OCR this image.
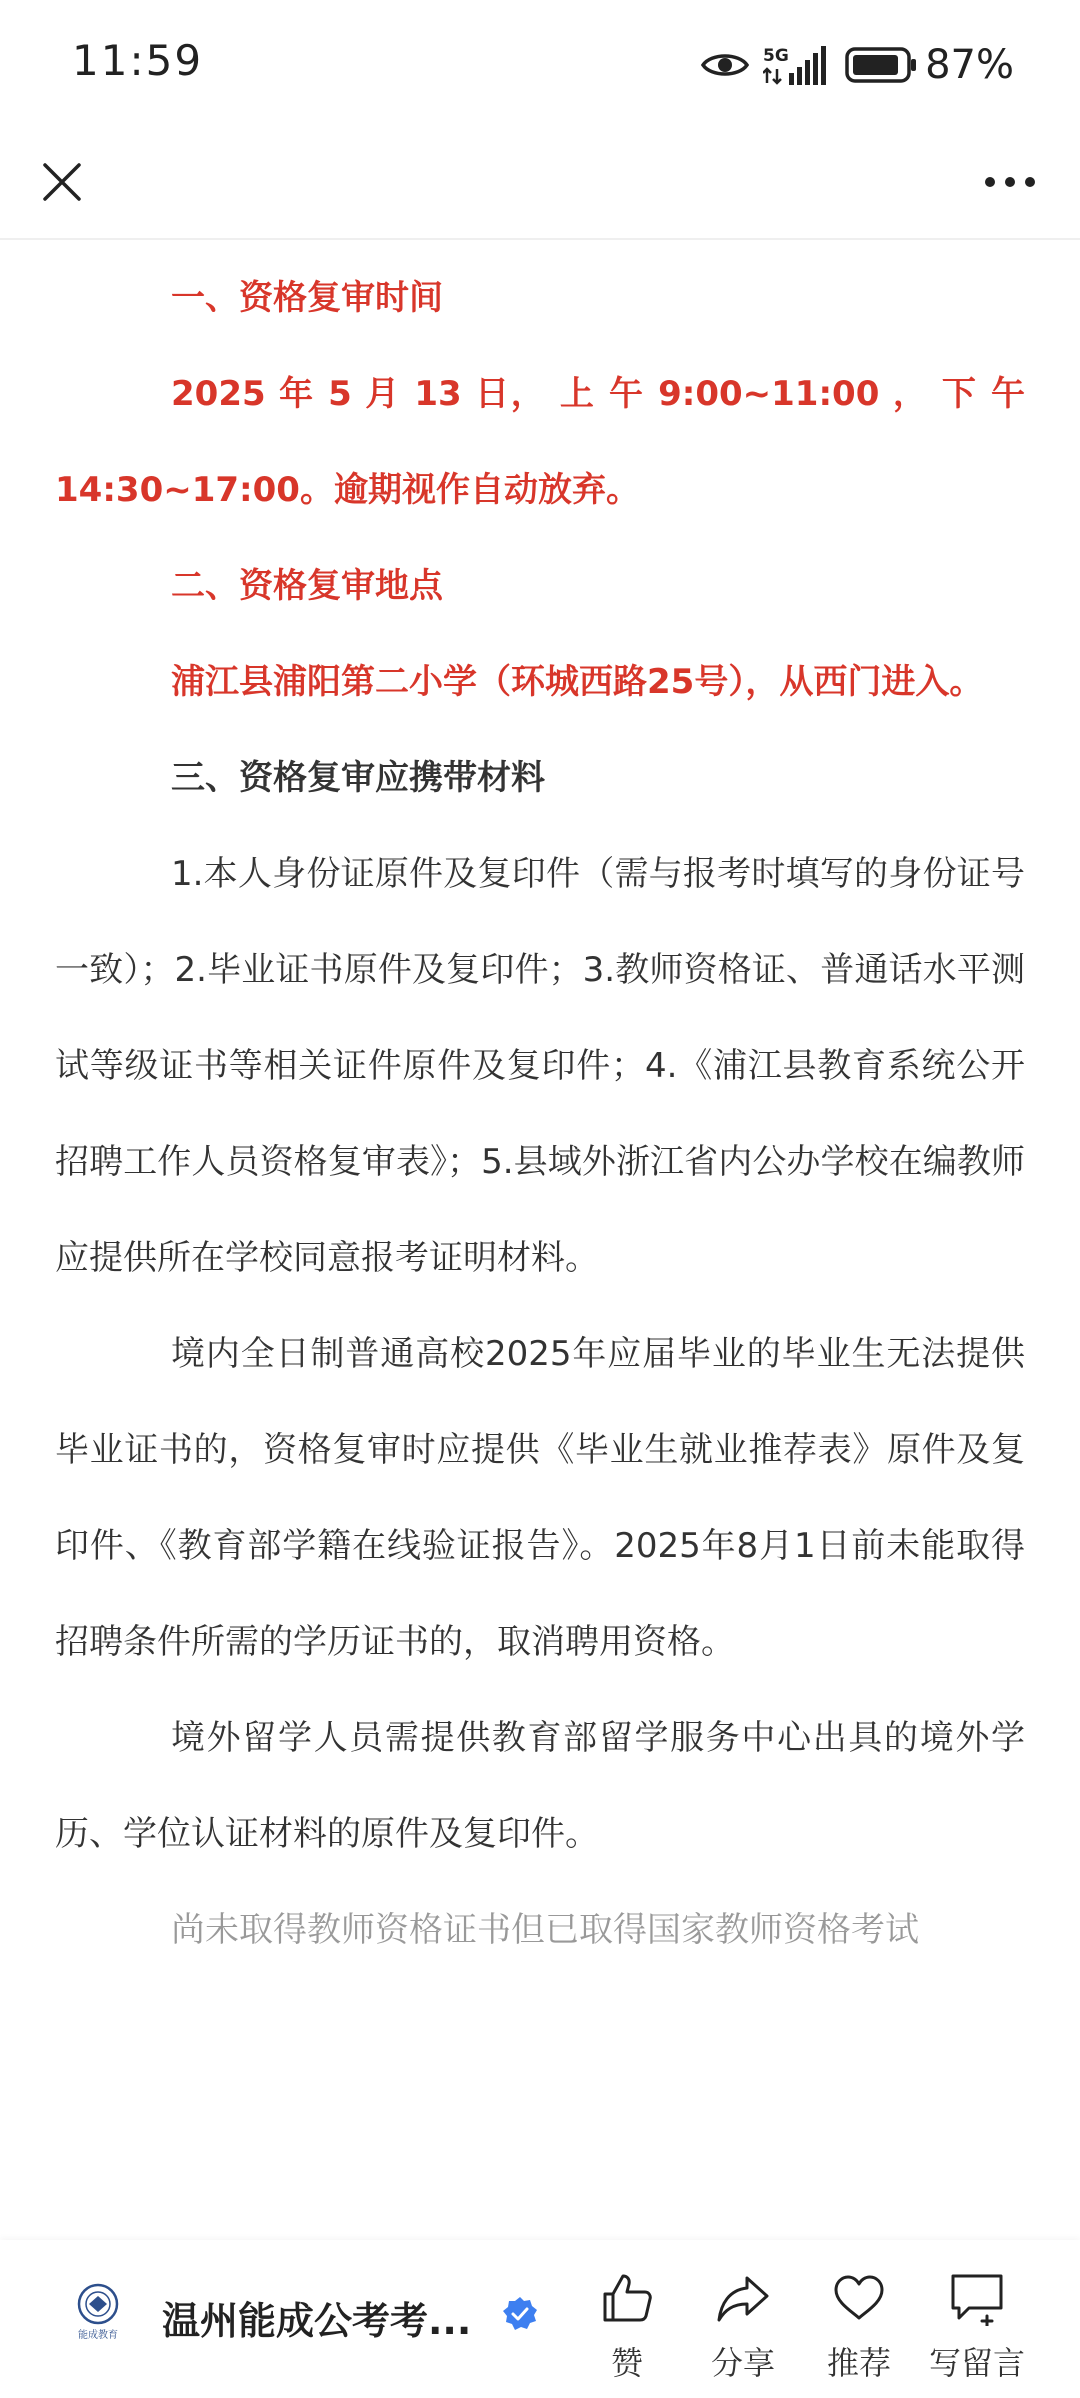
11:59	5G	87%

一、资格复审时间

2025 年 5 月 13 日， 上 午 9:00~11:00 ， 下 午 14:30~17:00。逾期视作自动放弃。

二、资格复审地点

浦江县浦阳第二小学（环城西路25号），从西门进入。

三、资格复审应携带材料

1.本人身份证原件及复印件（需与报考时填写的身份证号一致）；2.毕业证书原件及复印件；3.教师资格证、普通话水平测试等级证书等相关证件原件及复印件；4.《浦江县教育系统公开招聘工作人员资格复审表》；5.县域外浙江省内公办学校在编教师应提供所在学校同意报考证明材料。

境内全日制普通高校2025年应届毕业的毕业生无法提供毕业证书的，资格复审时应提供《毕业生就业推荐表》原件及复印件、《教育部学籍在线验证报告》。2025年8月1日前未能取得招聘条件所需的学历证书的，取消聘用资格。

境外留学人员需提供教育部留学服务中心出具的境外学历、学位认证材料的原件及复印件。

尚未取得教师资格证书但已取得国家教师资格考试

能成教育 温州能成公考考...
赞	分享	推荐	写留言
